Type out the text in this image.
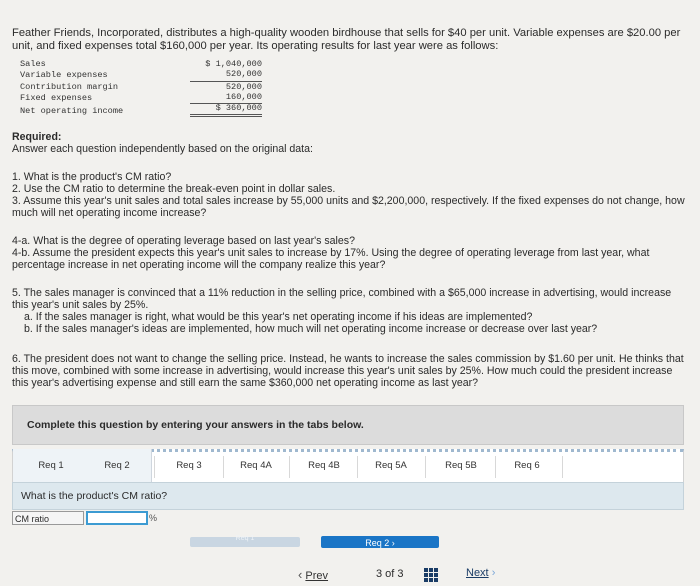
Feather Friends, Incorporated, distributes a high-quality wooden birdhouse that sells for $40 per unit. Variable expenses are $20.00 per unit, and fixed expenses total $160,000 per year. Its operating results for last year were as follows:
Sales	$ 1,040,000
Variable expenses	520,000
Contribution margin	520,000
Fixed expenses	160,000
Net operating income	$ 360,000
Required:
Answer each question independently based on the original data:
1. What is the product's CM ratio?
2. Use the CM ratio to determine the break-even point in dollar sales.
3. Assume this year's unit sales and total sales increase by 55,000 units and $2,200,000, respectively. If the fixed expenses do not change, how much will net operating income increase?
4-a. What is the degree of operating leverage based on last year's sales?
4-b. Assume the president expects this year's unit sales to increase by 17%. Using the degree of operating leverage from last year, what percentage increase in net operating income will the company realize this year?
5. The sales manager is convinced that a 11% reduction in the selling price, combined with a $65,000 increase in advertising, would increase this year's unit sales by 25%.
a. If the sales manager is right, what would be this year's net operating income if his ideas are implemented?
b. If the sales manager's ideas are implemented, how much will net operating income increase or decrease over last year?
6. The president does not want to change the selling price. Instead, he wants to increase the sales commission by $1.60 per unit. He thinks that this move, combined with some increase in advertising, would increase this year's unit sales by 25%. How much could the president increase this year's advertising expense and still earn the same $360,000 net operating income as last year?
Complete this question by entering your answers in the tabs below.
Req 1	Req 2	Req 3	Req 4A	Req 4B	Req 5A	Req 5B	Req 6
What is the product's CM ratio?
CM ratio	%
Req 1	Req 2 ›
‹ Prev	3 of 3	Next ›
